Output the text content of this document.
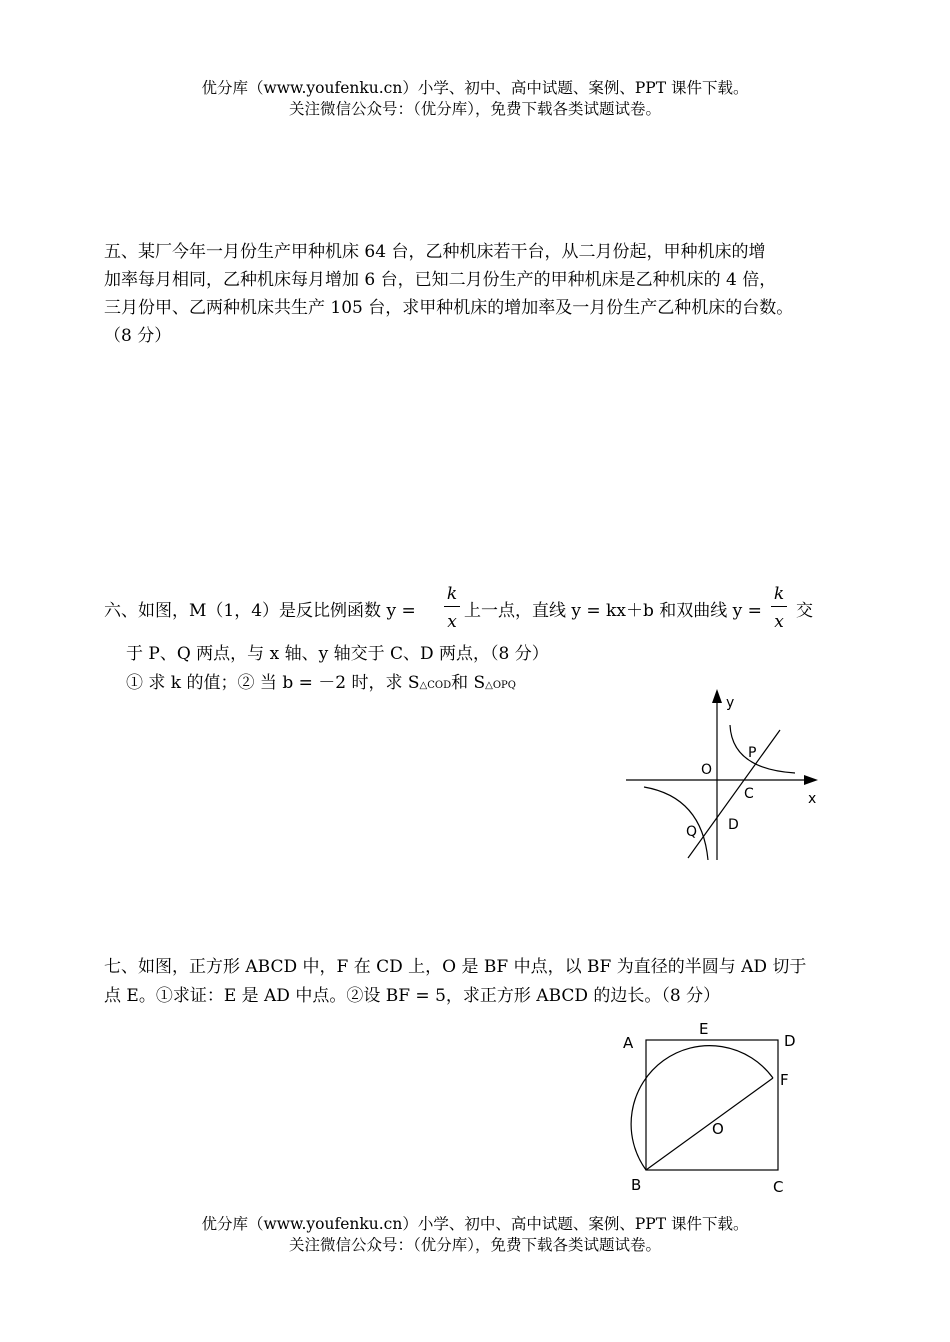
优分库（www.youfenku.cn）小学、初中、高中试题、案例、PPT 课件下载。
关注微信公众号：（优分库），免费下载各类试题试卷。
五、某厂今年一月份生产甲种机床 64 台，乙种机床若干台，从二月份起，甲种机床的增
加率每月相同，乙种机床每月增加 6 台，已知二月份生产的甲种机床是乙种机床的 4 倍，
三月份甲、乙两种机床共生产 105 台，求甲种机床的增加率及一月份生产乙种机床的台数。
（8 分）
六、如图，M（1，4）是反比例函数 y =
k
x
上一点，直线 y = kx＋b 和双曲线 y =
k
x
交
于 P、Q 两点，与 x 轴、y 轴交于 C、D 两点，（8 分）
① 求 k 的值；② 当 b = －2 时，求 S△COD和 S△OPQ
y
P
O
C	x
D
Q
七、如图，正方形 ABCD 中，F 在 CD 上，O 是 BF 中点，以 BF 为直径的半圆与 AD 切于
点 E。①求证：E 是 AD 中点。②设 BF = 5，求正方形 ABCD 的边长。（8 分）
A
E
D
F
O
B	C
优分库（www.youfenku.cn）小学、初中、高中试题、案例、PPT 课件下载。
关注微信公众号：（优分库），免费下载各类试题试卷。
